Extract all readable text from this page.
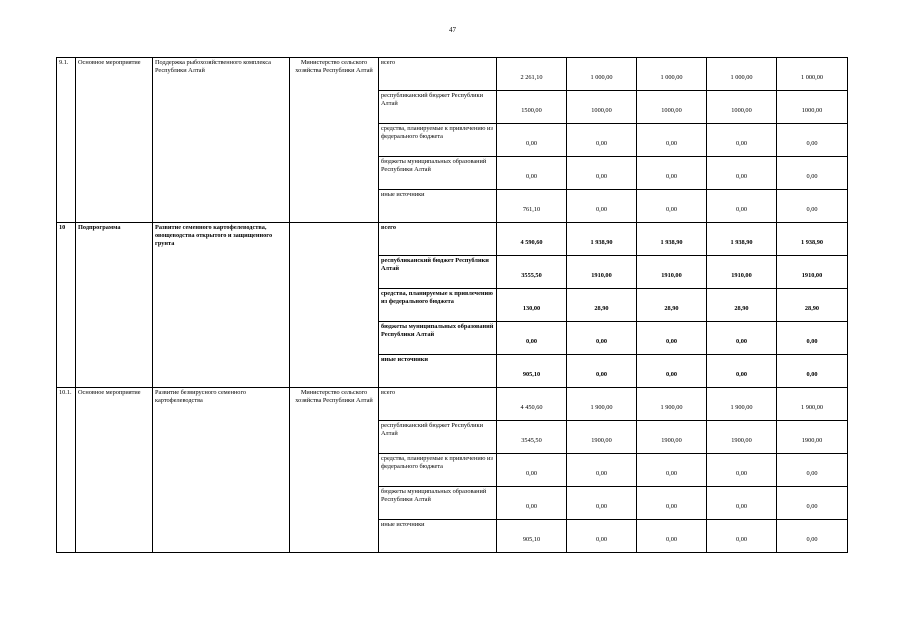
47
9.1.	Основное мероприятие	Поддержка рыбохозяйственного комплекса Республики Алтай	Министерство сельского хозяйства Республики Алтай	всего	2 261,10	1 000,00	1 000,00	1 000,00	1 000,00
				республиканский бюджет Республики Алтай	1500,00	1000,00	1000,00	1000,00	1000,00
				средства, планируемые к привлечению из федерального бюджета	0,00	0,00	0,00	0,00	0,00
				бюджеты муниципальных образований Республики Алтай	0,00	0,00	0,00	0,00	0,00
				иные источники	761,10	0,00	0,00	0,00	0,00
10	Подпрограмма	Развитие семенного картофелеводства, овощеводства открытого и защищенного грунта		всего	4 590,60	1 938,90	1 938,90	1 938,90	1 938,90
				республиканский бюджет Республики Алтай	3555,50	1910,00	1910,00	1910,00	1910,00
				средства, планируемые к привлечению из федерального бюджета	130,00	28,90	28,90	28,90	28,90
				бюджеты муниципальных образований Республики Алтай	0,00	0,00	0,00	0,00	0,00
				иные источники	905,10	0,00	0,00	0,00	0,00
10.1.	Основное мероприятие	Развитие безвирусного семенного картофелеводства	Министерство сельского хозяйства Республики Алтай	всего	4 450,60	1 900,00	1 900,00	1 900,00	1 900,00
				республиканский бюджет Республики Алтай	3545,50	1900,00	1900,00	1900,00	1900,00
				средства, планируемые к привлечению из федерального бюджета	0,00	0,00	0,00	0,00	0,00
				бюджеты муниципальных образований Республики Алтай	0,00	0,00	0,00	0,00	0,00
				иные источники	905,10	0,00	0,00	0,00	0,00
